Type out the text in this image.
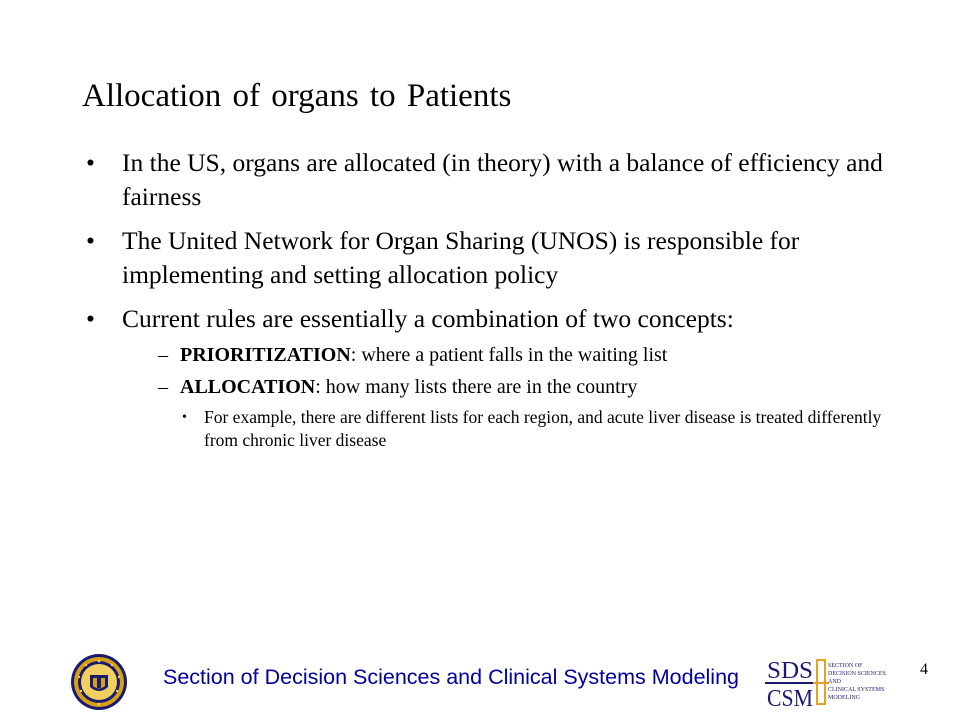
Allocation of organs to Patients
•	In the US, organs are allocated (in theory) with a balance of efficiency and fairness
•	The United Network for Organ Sharing (UNOS) is responsible for implementing and setting allocation policy
•	Current rules are essentially a combination of two concepts:
– PRIORITIZATION: where a patient falls in the waiting list
– ALLOCATION: how many lists there are in the country
• For example, there are different lists for each region, and acute liver disease is treated differently from chronic liver disease
Section of Decision Sciences and Clinical Systems Modeling SDS
CSM
SECTION OF
DECISION SCIENCES
AND
CLINICAL SYSTEMS
MODELING
4
